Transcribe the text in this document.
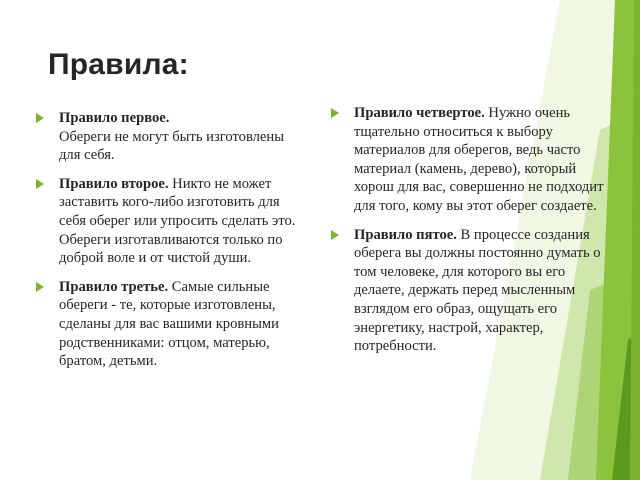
Правила:
Правило первое.
Обереги не могут быть изготовлены для себя.
Правило второе. Никто не может заставить кого-либо изготовить для себя оберег или упросить сделать это. Обереги изготавливаются только по доброй воле и от чистой души.
Правило третье. Самые сильные обереги - те, которые изготовлены, сделаны для вас вашими кровными родственниками: отцом, матерью, братом, детьми.
Правило четвертое. Нужно очень тщательно относиться к выбору материалов для оберегов, ведь часто материал (камень, дерево), который хорош для вас, совершенно не подходит для того, кому вы этот оберег создаете.
Правило пятое. В процессе создания оберега вы должны постоянно думать о том человеке, для которого вы его делаете, держать перед мысленным взглядом его образ, ощущать его энергетику, настрой, характер, потребности.
